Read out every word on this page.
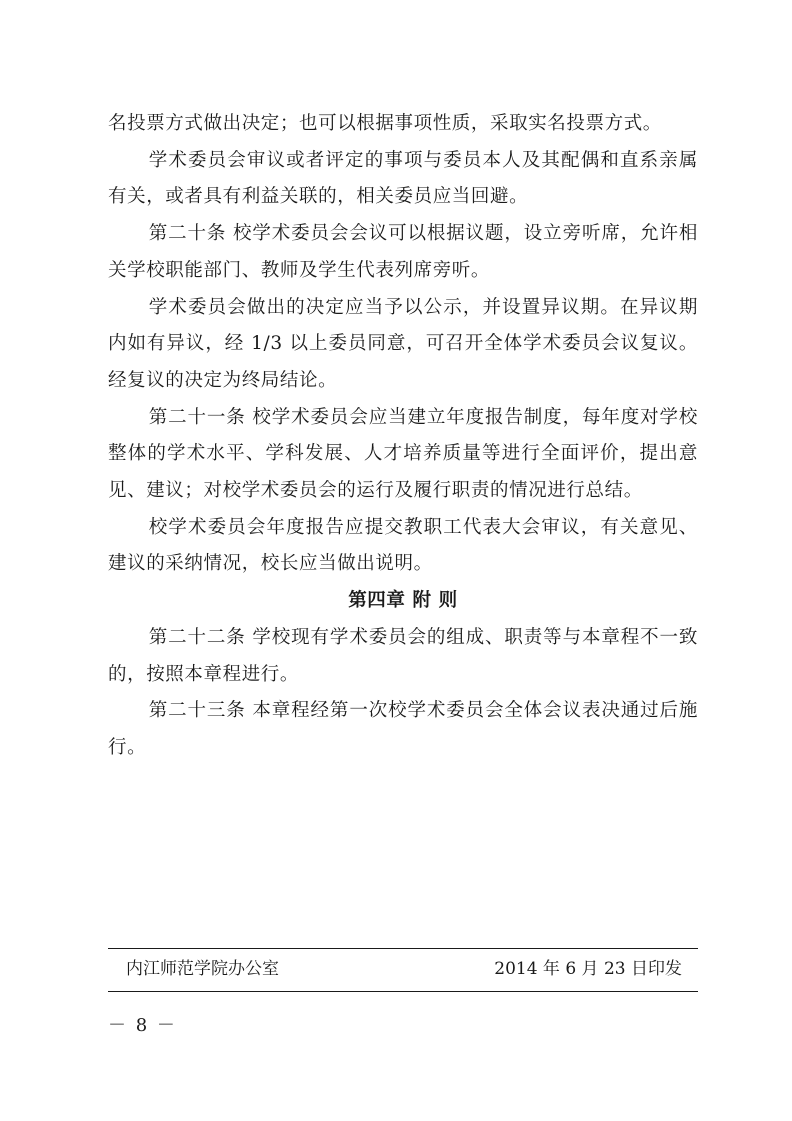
名投票方式做出决定；也可以根据事项性质，采取实名投票方式。

学术委员会审议或者评定的事项与委员本人及其配偶和直系亲属有关，或者具有利益关联的，相关委员应当回避。

第二十条 校学术委员会会议可以根据议题，设立旁听席，允许相关学校职能部门、教师及学生代表列席旁听。

学术委员会做出的决定应当予以公示，并设置异议期。在异议期内如有异议，经 1/3 以上委员同意，可召开全体学术委员会议复议。经复议的决定为终局结论。

第二十一条 校学术委员会应当建立年度报告制度，每年度对学校整体的学术水平、学科发展、人才培养质量等进行全面评价，提出意见、建议；对校学术委员会的运行及履行职责的情况进行总结。

校学术委员会年度报告应提交教职工代表大会审议，有关意见、建议的采纳情况，校长应当做出说明。

第四章 附 则

第二十二条 学校现有学术委员会的组成、职责等与本章程不一致的，按照本章程进行。

第二十三条 本章程经第一次校学术委员会全体会议表决通过后施行。

内江师范学院办公室	2014 年 6 月 23 日印发
－ 8 －
